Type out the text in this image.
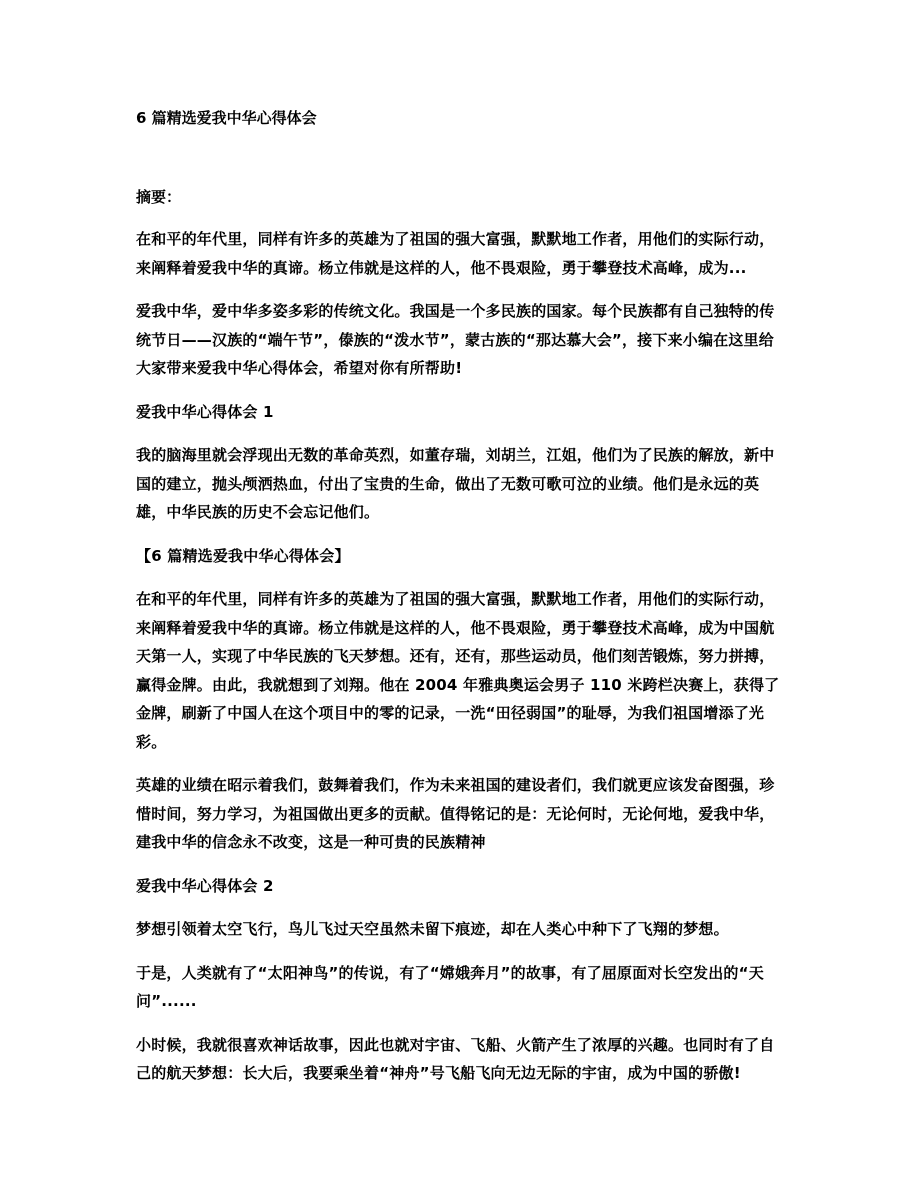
6 篇精选爱我中华心得体会
摘要：

在和平的年代里，同样有许多的英雄为了祖国的强大富强，默默地工作者，用他们的实际行动，来阐释着爱我中华的真谛。杨立伟就是这样的人，他不畏艰险，勇于攀登技术高峰，成为...

爱我中华，爱中华多姿多彩的传统文化。我国是一个多民族的国家。每个民族都有自己独特的传统节日——汉族的“端午节”，傣族的“泼水节”，蒙古族的“那达慕大会”，接下来小编在这里给大家带来爱我中华心得体会，希望对你有所帮助!

爱我中华心得体会 1

我的脑海里就会浮现出无数的革命英烈，如董存瑞，刘胡兰，江姐，他们为了民族的解放，新中国的建立，抛头颅洒热血，付出了宝贵的生命，做出了无数可歌可泣的业绩。他们是永远的英雄，中华民族的历史不会忘记他们。

【6 篇精选爱我中华心得体会】

在和平的年代里，同样有许多的英雄为了祖国的强大富强，默默地工作者，用他们的实际行动，来阐释着爱我中华的真谛。杨立伟就是这样的人，他不畏艰险，勇于攀登技术高峰，成为中国航天第一人，实现了中华民族的飞天梦想。还有，还有，那些运动员，他们刻苦锻炼，努力拼搏，赢得金牌。由此，我就想到了刘翔。他在 2004 年雅典奥运会男子 110 米跨栏决赛上，获得了金牌，刷新了中国人在这个项目中的零的记录，一洗“田径弱国”的耻辱，为我们祖国增添了光彩。

英雄的业绩在昭示着我们，鼓舞着我们，作为未来祖国的建设者们，我们就更应该发奋图强，珍惜时间，努力学习，为祖国做出更多的贡献。值得铭记的是：无论何时，无论何地，爱我中华，建我中华的信念永不改变，这是一种可贵的民族精神

爱我中华心得体会 2

梦想引领着太空飞行，鸟儿飞过天空虽然未留下痕迹，却在人类心中种下了飞翔的梦想。

于是，人类就有了“太阳神鸟”的传说，有了“嫦娥奔月”的故事，有了屈原面对长空发出的“天问”......

小时候，我就很喜欢神话故事，因此也就对宇宙、飞船、火箭产生了浓厚的兴趣。也同时有了自己的航天梦想：长大后，我要乘坐着“神舟”号飞船飞向无边无际的宇宙，成为中国的骄傲!
